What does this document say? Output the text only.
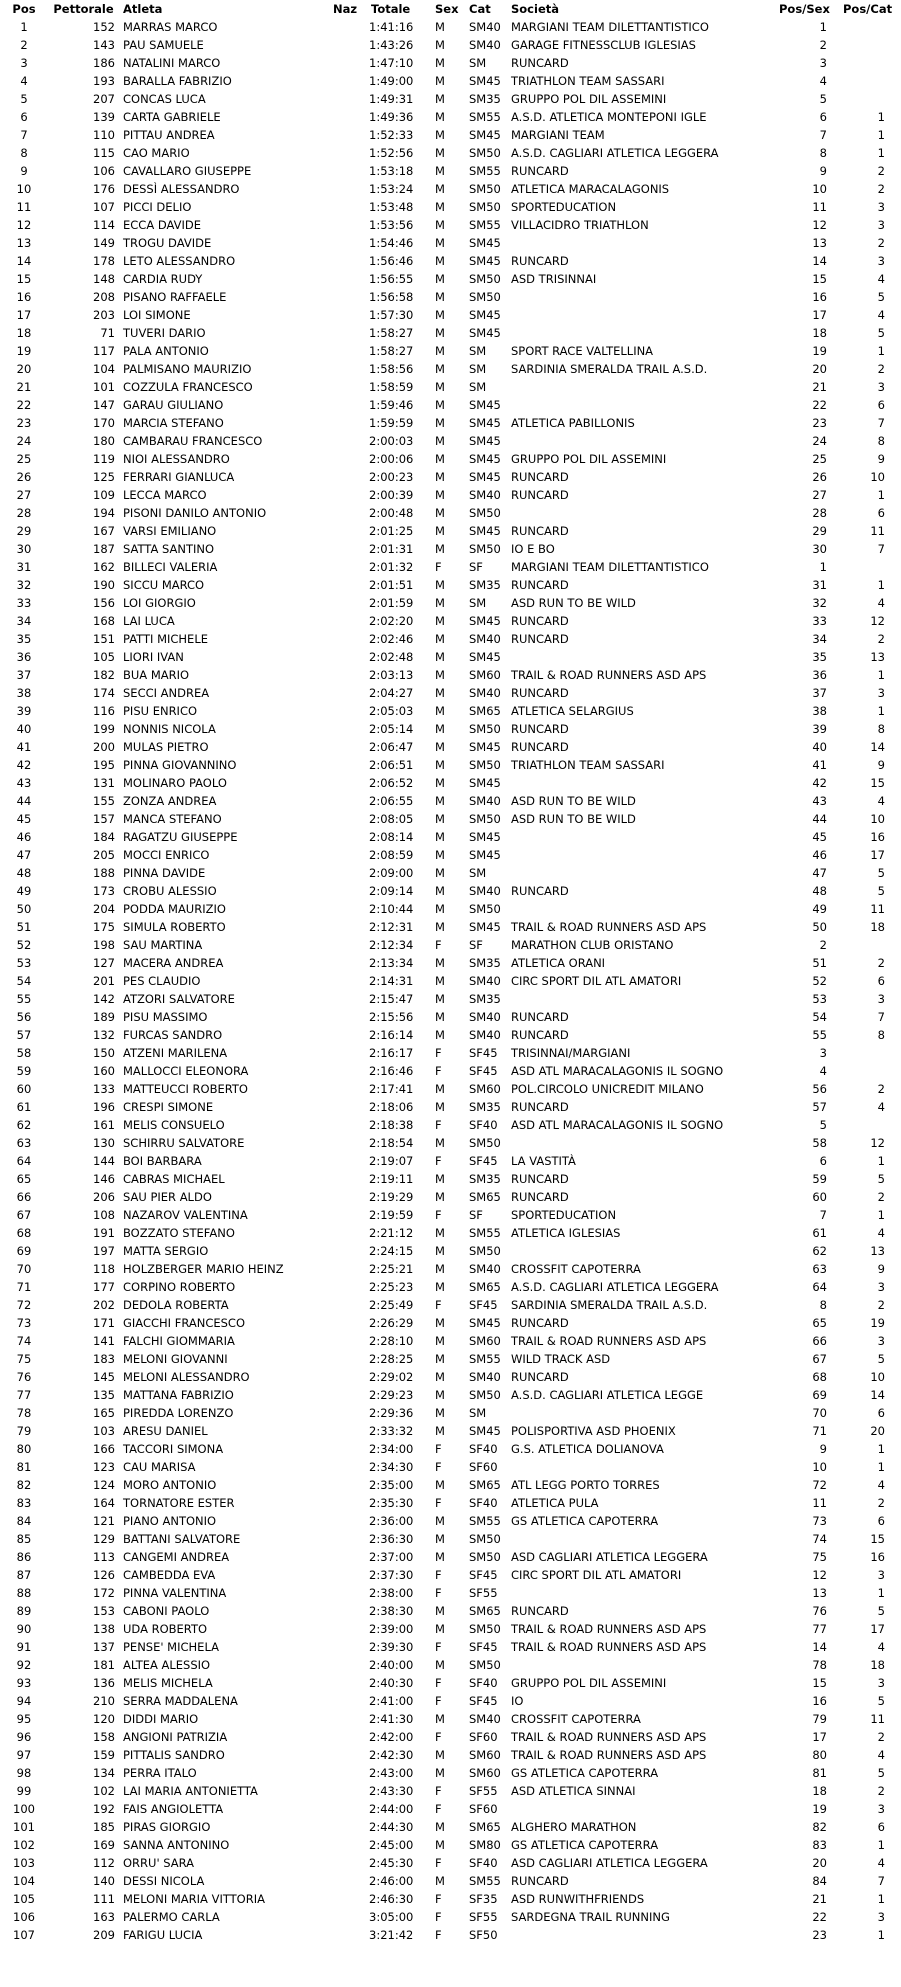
Pos	Pettorale	Atleta	Naz	Totale	Sex	Cat	Società	Pos/Sex	Pos/Cat
1	152	MARRAS MARCO		1:41:16	M	SM40	MARGIANI TEAM DILETTANTISTICO	1	
2	143	PAU SAMUELE		1:43:26	M	SM40	GARAGE FITNESSCLUB IGLESIAS	2	
3	186	NATALINI MARCO		1:47:10	M	SM	RUNCARD	3	
4	193	BARALLA FABRIZIO		1:49:00	M	SM45	TRIATHLON TEAM SASSARI	4	
5	207	CONCAS LUCA		1:49:31	M	SM35	GRUPPO POL DIL ASSEMINI	5	
6	139	CARTA GABRIELE		1:49:36	M	SM55	A.S.D. ATLETICA MONTEPONI IGLE	6	1
7	110	PITTAU ANDREA		1:52:33	M	SM45	MARGIANI TEAM	7	1
8	115	CAO MARIO		1:52:56	M	SM50	A.S.D. CAGLIARI ATLETICA LEGGERA	8	1
9	106	CAVALLARO GIUSEPPE		1:53:18	M	SM55	RUNCARD	9	2
10	176	DESSÌ ALESSANDRO		1:53:24	M	SM50	ATLETICA MARACALAGONIS	10	2
11	107	PICCI DELIO		1:53:48	M	SM50	SPORTEDUCATION	11	3
12	114	ECCA DAVIDE		1:53:56	M	SM55	VILLACIDRO TRIATHLON	12	3
13	149	TROGU DAVIDE		1:54:46	M	SM45		13	2
14	178	LETO ALESSANDRO		1:56:46	M	SM45	RUNCARD	14	3
15	148	CARDIA RUDY		1:56:55	M	SM50	ASD TRISINNAI	15	4
16	208	PISANO RAFFAELE		1:56:58	M	SM50		16	5
17	203	LOI SIMONE		1:57:30	M	SM45		17	4
18	71	TUVERI DARIO		1:58:27	M	SM45		18	5
19	117	PALA ANTONIO		1:58:27	M	SM	SPORT RACE VALTELLINA	19	1
20	104	PALMISANO MAURIZIO		1:58:56	M	SM	SARDINIA SMERALDA TRAIL A.S.D.	20	2
21	101	COZZULA FRANCESCO		1:58:59	M	SM		21	3
22	147	GARAU GIULIANO		1:59:46	M	SM45		22	6
23	170	MARCIA STEFANO		1:59:59	M	SM45	ATLETICA PABILLONIS	23	7
24	180	CAMBARAU FRANCESCO		2:00:03	M	SM45		24	8
25	119	NIOI ALESSANDRO		2:00:06	M	SM45	GRUPPO POL DIL ASSEMINI	25	9
26	125	FERRARI GIANLUCA		2:00:23	M	SM45	RUNCARD	26	10
27	109	LECCA MARCO		2:00:39	M	SM40	RUNCARD	27	1
28	194	PISONI DANILO ANTONIO		2:00:48	M	SM50		28	6
29	167	VARSI EMILIANO		2:01:25	M	SM45	RUNCARD	29	11
30	187	SATTA SANTINO		2:01:31	M	SM50	IO E BO	30	7
31	162	BILLECI VALERIA		2:01:32	F	SF	MARGIANI TEAM DILETTANTISTICO	1	
32	190	SICCU MARCO		2:01:51	M	SM35	RUNCARD	31	1
33	156	LOI GIORGIO		2:01:59	M	SM	ASD RUN TO BE WILD	32	4
34	168	LAI LUCA		2:02:20	M	SM45	RUNCARD	33	12
35	151	PATTI MICHELE		2:02:46	M	SM40	RUNCARD	34	2
36	105	LIORI IVAN		2:02:48	M	SM45		35	13
37	182	BUA MARIO		2:03:13	M	SM60	TRAIL & ROAD RUNNERS ASD APS	36	1
38	174	SECCI ANDREA		2:04:27	M	SM40	RUNCARD	37	3
39	116	PISU ENRICO		2:05:03	M	SM65	ATLETICA SELARGIUS	38	1
40	199	NONNIS NICOLA		2:05:14	M	SM50	RUNCARD	39	8
41	200	MULAS PIETRO		2:06:47	M	SM45	RUNCARD	40	14
42	195	PINNA GIOVANNINO		2:06:51	M	SM50	TRIATHLON TEAM SASSARI	41	9
43	131	MOLINARO PAOLO		2:06:52	M	SM45		42	15
44	155	ZONZA ANDREA		2:06:55	M	SM40	ASD RUN TO BE WILD	43	4
45	157	MANCA STEFANO		2:08:05	M	SM50	ASD RUN TO BE WILD	44	10
46	184	RAGATZU GIUSEPPE		2:08:14	M	SM45		45	16
47	205	MOCCI ENRICO		2:08:59	M	SM45		46	17
48	188	PINNA DAVIDE		2:09:00	M	SM		47	5
49	173	CROBU ALESSIO		2:09:14	M	SM40	RUNCARD	48	5
50	204	PODDA MAURIZIO		2:10:44	M	SM50		49	11
51	175	SIMULA ROBERTO		2:12:31	M	SM45	TRAIL & ROAD RUNNERS ASD APS	50	18
52	198	SAU MARTINA		2:12:34	F	SF	MARATHON CLUB ORISTANO	2	
53	127	MACERA ANDREA		2:13:34	M	SM35	ATLETICA ORANI	51	2
54	201	PES CLAUDIO		2:14:31	M	SM40	CIRC SPORT DIL ATL AMATORI	52	6
55	142	ATZORI SALVATORE		2:15:47	M	SM35		53	3
56	189	PISU MASSIMO		2:15:56	M	SM40	RUNCARD	54	7
57	132	FURCAS SANDRO		2:16:14	M	SM40	RUNCARD	55	8
58	150	ATZENI MARILENA		2:16:17	F	SF45	TRISINNAI/MARGIANI	3	
59	160	MALLOCCI ELEONORA		2:16:46	F	SF45	ASD ATL MARACALAGONIS IL SOGNO	4	
60	133	MATTEUCCI ROBERTO		2:17:41	M	SM60	POL.CIRCOLO UNICREDIT MILANO	56	2
61	196	CRESPI SIMONE		2:18:06	M	SM35	RUNCARD	57	4
62	161	MELIS CONSUELO		2:18:38	F	SF40	ASD ATL MARACALAGONIS IL SOGNO	5	
63	130	SCHIRRU SALVATORE		2:18:54	M	SM50		58	12
64	144	BOI BARBARA		2:19:07	F	SF45	LA VASTITÀ	6	1
65	146	CABRAS MICHAEL		2:19:11	M	SM35	RUNCARD	59	5
66	206	SAU PIER ALDO		2:19:29	M	SM65	RUNCARD	60	2
67	108	NAZAROV VALENTINA		2:19:59	F	SF	SPORTEDUCATION	7	1
68	191	BOZZATO STEFANO		2:21:12	M	SM55	ATLETICA IGLESIAS	61	4
69	197	MATTA SERGIO		2:24:15	M	SM50		62	13
70	118	HOLZBERGER MARIO HEINZ		2:25:21	M	SM40	CROSSFIT CAPOTERRA	63	9
71	177	CORPINO ROBERTO		2:25:23	M	SM65	A.S.D. CAGLIARI ATLETICA LEGGERA	64	3
72	202	DEDOLA ROBERTA		2:25:49	F	SF45	SARDINIA SMERALDA TRAIL A.S.D.	8	2
73	171	GIACCHI FRANCESCO		2:26:29	M	SM45	RUNCARD	65	19
74	141	FALCHI GIOMMARIA		2:28:10	M	SM60	TRAIL & ROAD RUNNERS ASD APS	66	3
75	183	MELONI GIOVANNI		2:28:25	M	SM55	WILD TRACK ASD	67	5
76	145	MELONI ALESSANDRO		2:29:02	M	SM40	RUNCARD	68	10
77	135	MATTANA FABRIZIO		2:29:23	M	SM50	A.S.D. CAGLIARI ATLETICA LEGGE	69	14
78	165	PIREDDA LORENZO		2:29:36	M	SM		70	6
79	103	ARESU DANIEL		2:33:32	M	SM45	POLISPORTIVA ASD PHOENIX	71	20
80	166	TACCORI SIMONA		2:34:00	F	SF40	G.S. ATLETICA DOLIANOVA	9	1
81	123	CAU MARISA		2:34:30	F	SF60		10	1
82	124	MORO ANTONIO		2:35:00	M	SM65	ATL LEGG PORTO TORRES	72	4
83	164	TORNATORE ESTER		2:35:30	F	SF40	ATLETICA PULA	11	2
84	121	PIANO ANTONIO		2:36:00	M	SM55	GS ATLETICA CAPOTERRA	73	6
85	129	BATTANI SALVATORE		2:36:30	M	SM50		74	15
86	113	CANGEMI ANDREA		2:37:00	M	SM50	ASD CAGLIARI ATLETICA LEGGERA	75	16
87	126	CAMBEDDA EVA		2:37:30	F	SF45	CIRC SPORT DIL ATL AMATORI	12	3
88	172	PINNA VALENTINA		2:38:00	F	SF55		13	1
89	153	CABONI PAOLO		2:38:30	M	SM65	RUNCARD	76	5
90	138	UDA ROBERTO		2:39:00	M	SM50	TRAIL & ROAD RUNNERS ASD APS	77	17
91	137	PENSE' MICHELA		2:39:30	F	SF45	TRAIL & ROAD RUNNERS ASD APS	14	4
92	181	ALTEA ALESSIO		2:40:00	M	SM50		78	18
93	136	MELIS MICHELA		2:40:30	F	SF40	GRUPPO POL DIL ASSEMINI	15	3
94	210	SERRA MADDALENA		2:41:00	F	SF45	IO	16	5
95	120	DIDDI MARIO		2:41:30	M	SM40	CROSSFIT CAPOTERRA	79	11
96	158	ANGIONI PATRIZIA		2:42:00	F	SF60	TRAIL & ROAD RUNNERS ASD APS	17	2
97	159	PITTALIS SANDRO		2:42:30	M	SM60	TRAIL & ROAD RUNNERS ASD APS	80	4
98	134	PERRA ITALO		2:43:00	M	SM60	GS ATLETICA CAPOTERRA	81	5
99	102	LAI MARIA ANTONIETTA		2:43:30	F	SF55	ASD ATLETICA SINNAI	18	2
100	192	FAIS ANGIOLETTA		2:44:00	F	SF60		19	3
101	185	PIRAS GIORGIO		2:44:30	M	SM65	ALGHERO MARATHON	82	6
102	169	SANNA ANTONINO		2:45:00	M	SM80	GS ATLETICA CAPOTERRA	83	1
103	112	ORRU' SARA		2:45:30	F	SF40	ASD CAGLIARI ATLETICA LEGGERA	20	4
104	140	DESSI NICOLA		2:46:00	M	SM55	RUNCARD	84	7
105	111	MELONI MARIA VITTORIA		2:46:30	F	SF35	ASD RUNWITHFRIENDS	21	1
106	163	PALERMO CARLA		3:05:00	F	SF55	SARDEGNA TRAIL RUNNING	22	3
107	209	FARIGU LUCIA		3:21:42	F	SF50		23	1
